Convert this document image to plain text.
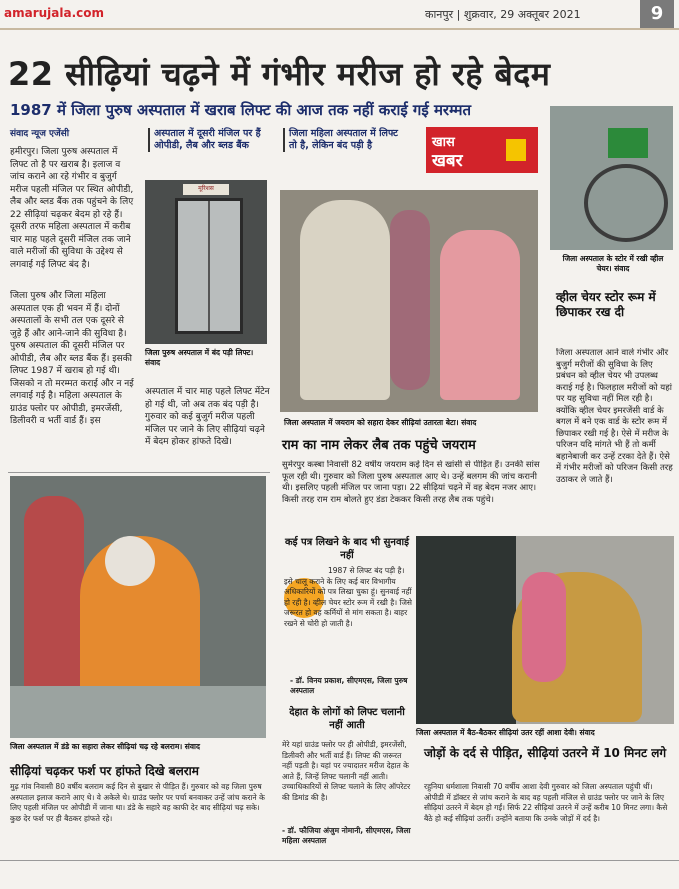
amarujala.com	कानपुर | शुक्रवार, 29 अक्तूबर 2021	9
22 सीढ़ियां चढ़ने में गंभीर मरीज हो रहे बेदम
1987 में जिला पुरुष अस्पताल में खराब लिफ्ट की आज तक नहीं कराई गई मरम्मत
संवाद न्यूज एजेंसी
हमीरपुर। जिला पुरुष अस्पताल में लिफ्ट तो है पर खराब है। इलाज व जांच कराने आ रहे गंभीर व बुजुर्ग मरीज पहली मंजिल पर स्थित ओपीडी, लैब और ब्लड बैंक तक पहुंचने के लिए 22 सीढ़ियां चढ़कर बेदम हो रहे हैं। दूसरी तरफ महिला अस्पताल में करीब चार माह पहले दूसरी मंजिल तक जाने वाले मरीजों की सुविधा के उद्देश्य से लगवाई गई लिफ्ट बंद है।
जिला पुरुष और जिला महिला अस्पताल एक ही भवन में हैं। दोनों अस्पतालों के सभी तल एक दूसरे से जुड़े हैं और आने-जाने की सुविधा है। पुरुष अस्पताल की दूसरी मंजिल पर ओपीडी, लैब और ब्लड बैंक हैं। इसकी लिफ्ट 1987 में खराब हो गई थी। जिसको न तो मरम्मत कराई और न नई लगवाई गई है। महिला अस्पताल के ग्राउंड फ्लोर पर ओपीडी, इमरजेंसी, डिलीवरी व भर्ती वार्ड हैं। इस
अस्पताल में दूसरी मंजिल पर हैं ओपीडी, लैब और ब्लड बैंक
जिला महिला अस्पताल में लिफ्ट तो है, लेकिन बंद पड़ी है	खास
खबर
मूरिशस
जिला पुरुष अस्पताल में बंद पड़ी लिफ्ट। संवाद
अस्पताल में चार माह पहले लिफ्ट मेंटेन हो गई थी, जो अब तक बंद पड़ी है। गुरुवार को कई बुजुर्ग मरीज पहली मंजिल पर जाने के लिए सीढ़ियां चढ़ने में बेदम होकर हांफते दिखे।
जिला अस्पताल में जयराम को सहारा देकर सीढ़ियां उतारता बेटा। संवाद
जिला अस्पताल के स्टोर में रखी व्हील चेयर। संवाद
व्हील चेयर स्टोर रूम में छिपाकर रख दी
जिला अस्पताल आने वाले गंभीर और बुजुर्ग मरीजों की सुविधा के लिए प्रबंधन को व्हील चेयर भी उपलब्ध कराई गई है। फिलहाल मरीजों को यहां पर यह सुविधा नहीं मिल रही है। क्योंकि व्हील चेयर इमरजेंसी वार्ड के बगल में बने एक वार्ड के स्टोर रूम में छिपाकर रखी गई है। ऐसे में मरीज के परिजन यदि मांगते भी हैं तो कर्मी बहानेबाजी कर उन्हें टरका देते हैं। ऐसे में गंभीर मरीजों को परिजन किसी तरह उठाकर ले जाते हैं।
राम का नाम लेकर लैब तक पहुंचे जयराम
सुमेरपुर कस्बा निवासी 82 वर्षीय जयराम कई दिन से खांसी से पीड़ित हैं। उनकी सांस फूल रही थी। गुरुवार को जिला पुरुष अस्पताल आए थे। उन्हें बलगम की जांच करानी थी। इसलिए पहली मंजिल पर जाना पड़ा। 22 सीढ़ियां चढ़ने में वह बेदम नजर आए। किसी तरह राम राम बोलते हुए डंडा टेककर किसी तरह लैब तक पहुंचे।
जिला अस्पताल में डंडे का सहारा लेकर सीढ़ियां चढ़ रहे बलराम। संवाद
कई पत्र लिखने के बाद भी सुनवाई नहीं
1987 से लिफ्ट बंद पड़ी है। इसे चालू कराने के लिए कई बार विभागीय अधिकारियों को पत्र लिखा चुका हूं। सुनवाई नहीं हो रही है। व्हील चेयर स्टोर रूम में रखी है। जिसे जरूरत हो वह कर्मियों से मांग सकता है। बाहर रखने से चोरी हो जाती है।
- डॉ. विनय प्रकाश, सीएमएस, जिला पुरुष अस्पताल
देहात के लोगों को लिफ्ट चलानी नहीं आती
मेरे यहां ग्राउंड फ्लोर पर ही ओपीडी, इमरजेंसी, डिलीवरी और भर्ती वार्ड हैं। लिफ्ट की जरूरत नहीं पड़ती है। यहां पर ज्यादातर मरीज देहात के आते हैं, जिन्हें लिफ्ट चलानी नहीं आती। उच्चाधिकारियों से लिफ्ट चलाने के लिए ऑपरेटर की डिमांड की है।
- डॉ. फौजिया अंजुम नोमानी, सीएमएस, जिला महिला अस्पताल
जिला अस्पताल में बैठ-बैठकर सीढ़ियां उतर रहीं आशा देवी। संवाद
सीढ़ियां चढ़कर फर्श पर हांफते दिखे बलराम
मुढ़ गांव निवासी 80 वर्षीय बलराम कई दिन से बुखार से पीड़ित हैं। गुरुवार को वह जिला पुरुष अस्पताल इलाज कराने आए थे। वे अकेले थे। ग्राउंड फ्लोर पर पर्चा बनवाकर उन्हें जांच कराने के लिए पहली मंजिल पर ओपीडी में जाना था। डंडे के सहारे वह काफी देर बाद सीढ़ियां चढ़ सके। कुछ देर फर्श पर ही बैठकर हांफते रहे।
जोड़ों के दर्द से पीड़ित, सीढ़ियां उतरने में 10 मिनट लगे
रहुनिया धर्मशाला निवासी 70 वर्षीय आशा देवी गुरुवार को जिला अस्पताल पहुंची थीं। ओपीडी में डॉक्टर से जांच कराने के बाद वह पहली मंजिल से ग्राउंड फ्लोर पर जाने के लिए सीढ़ियां उतरने में बेदम हो गईं। सिर्फ 22 सीढ़ियां उतरने में उन्हें करीब 10 मिनट लगा। कैसे बैठे हो कई सीढ़ियां उतरीं। उन्होंने बताया कि उनके जोड़ों में दर्द है।
